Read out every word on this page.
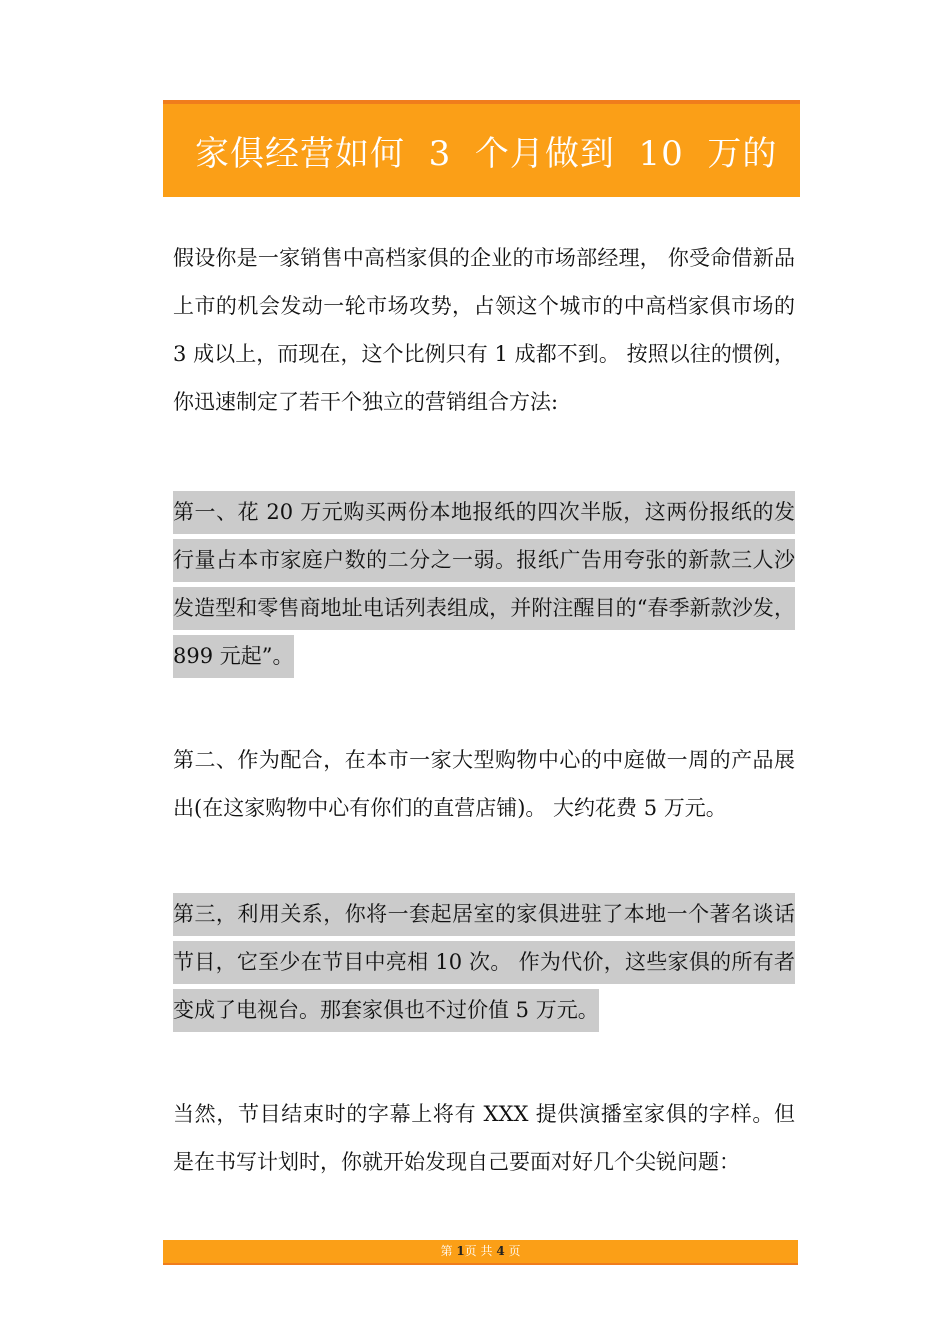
家俱经营如何  3  个月做到  10  万的

假设你是一家销售中高档家俱的企业的市场部经理， 你受命借新品上市的机会发动一轮市场攻势，占领这个城市的中高档家俱市场的 3 成以上，而现在，这个比例只有 1 成都不到。 按照以往的惯例，你迅速制定了若干个独立的营销组合方法:

第一、花 20 万元购买两份本地报纸的四次半版，这两份报纸的发行量占本市家庭户数的二分之一弱。报纸广告用夸张的新款三人沙发造型和零售商地址电话列表组成，并附注醒目的“春季新款沙发，899 元起”。

第二、作为配合，在本市一家大型购物中心的中庭做一周的产品展出(在这家购物中心有你们的直营店铺)。 大约花费 5 万元。

第三，利用关系，你将一套起居室的家俱进驻了本地一个著名谈话节目，它至少在节目中亮相 10 次。 作为代价，这些家俱的所有者变成了电视台。那套家俱也不过价值 5 万元。

当然，节目结束时的字幕上将有 XXX 提供演播室家俱的字样。但是在书写计划时，你就开始发现自己要面对好几个尖锐问题：

第 1页 共 4 页
